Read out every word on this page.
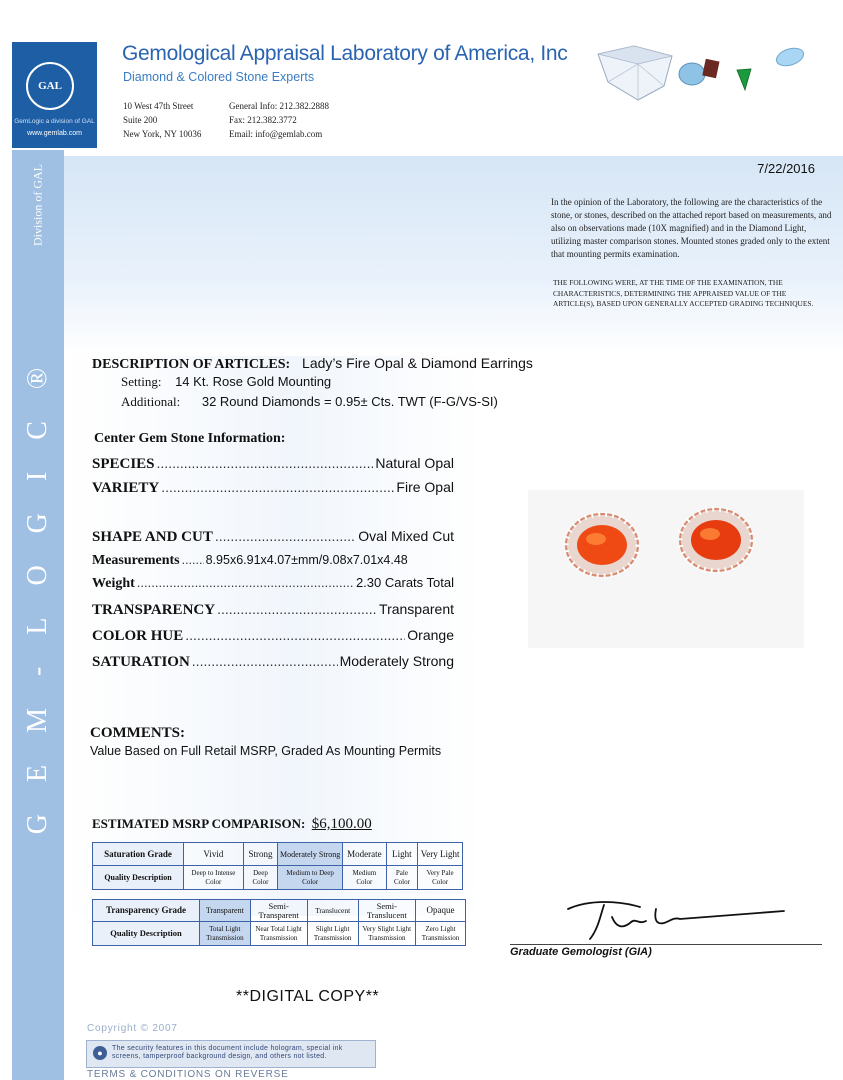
Division of GAL
GEM-LOGIC®
GAL
GemLogic a division of GAL
www.gemlab.com
Gemological Appraisal Laboratory of America, Inc
Diamond & Colored Stone Experts
10 West 47th Street
Suite 200
New York, NY 10036
General Info: 212.382.2888
Fax: 212.382.3772
Email: info@gemlab.com
7/22/2016
In the opinion of the Laboratory, the following are the characteristics of the stone, or stones, described on the attached report based on measurements, and also on observations made (10X magnified) and in the Diamond Light, utilizing master comparison stones. Mounted stones graded only to the extent that mounting permits examination.
THE FOLLOWING WERE, AT THE TIME OF THE EXAMINATION, THE CHARACTERISTICS, DETERMINING THE APPRAISED VALUE OF THE ARTICLE(S), BASED UPON GENERALLY ACCEPTED GRADING TECHNIQUES.
DESCRIPTION OF ARTICLES: Lady’s Fire Opal & Diamond Earrings
Setting: 14 Kt. Rose Gold Mounting
Additional: 32 Round Diamonds = 0.95± Cts. TWT (F-G/VS-SI)
Center Gem Stone Information:
SPECIES .....	Natural Opal
VARIETY .....	Fire Opal
SHAPE AND CUT .....	Oval Mixed Cut
Measurements ..... 8.95x6.91x4.07±mm/9.08x7.01x4.48
Weight .....	2.30 Carats Total
TRANSPARENCY .....	Transparent
COLOR HUE .....	Orange
SATURATION .....	Moderately Strong
COMMENTS:
Value Based on Full Retail MSRP, Graded As Mounting Permits
ESTIMATED MSRP COMPARISON: $6,100.00
Saturation Grade	Vivid	Strong	Moderately Strong	Moderate	Light	Very Light
Quality Description	Deep to Intense Color	Deep Color	Medium to Deep Color	Medium Color	Pale Color	Very Pale Color
Transparency Grade	Transparent	Semi-Transparent	Translucent	Semi-Translucent	Opaque
Quality Description	Total Light Transmission	Near Total Light Transmission	Slight Light Transmission	Very Slight Light Transmission	Zero Light Transmission
Graduate Gemologist (GIA)
**DIGITAL COPY**
Copyright © 2007
●	The security features in this document include hologram, special ink screens, tamperproof background design, and others not listed.
TERMS & CONDITIONS ON REVERSE
